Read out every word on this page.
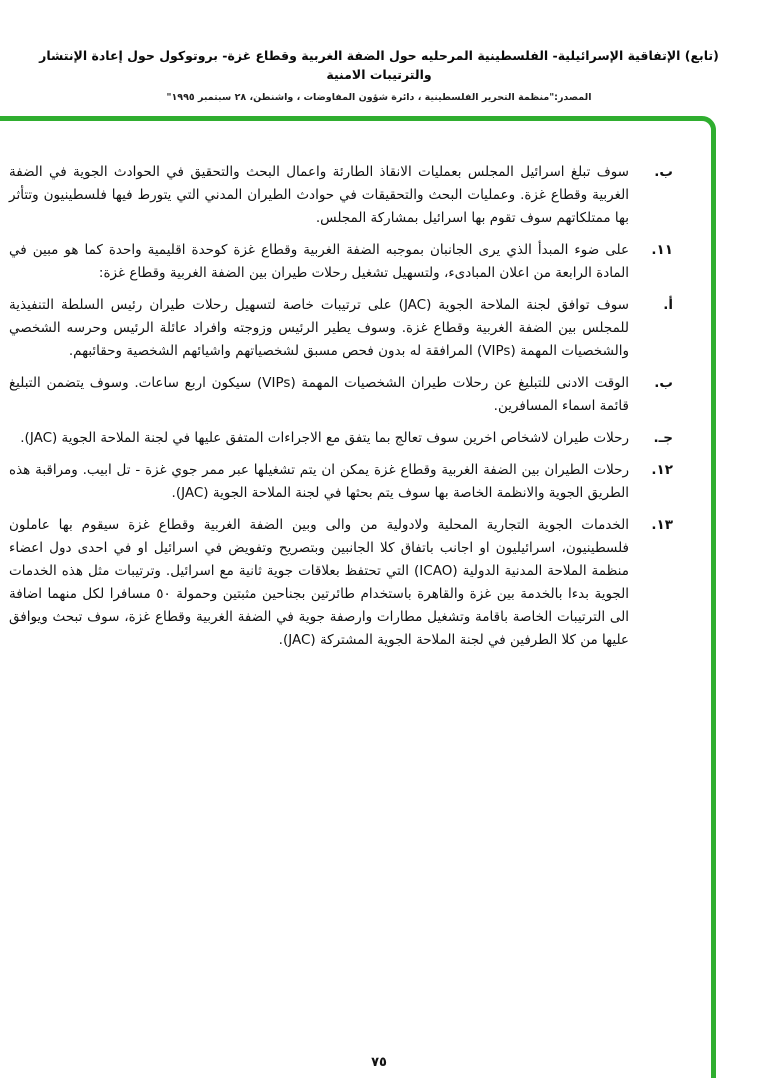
(تابع) الإتفاقية الإسرائيلية- الفلسطينية المرحليه حول الضفة الغربية وقطاع غزة- بروتوكول حول إعادة الإنتشار والترتيبات الامنية
المصدر:"منظمة التحرير الفلسطينية ، دائرة شؤون المفاوضات ، واشنطن، ٢٨ سبتمبر ١٩٩٥"
ب.
سوف تبلغ اسرائيل المجلس بعمليات الانقاذ الطارئة واعمال البحث والتحقيق في الحوادث الجوية في الضفة الغربية وقطاع غزة. وعمليات البحث والتحقيقات في حوادث الطيران المدني التي يتورط فيها فلسطينيون وتتأثر بها ممتلكاتهم سوف تقوم بها اسرائيل بمشاركة المجلس.
١١.
على ضوء المبدأ الذي يرى الجانبان بموجبه الضفة الغربية وقطاع غزة كوحدة اقليمية واحدة كما هو مبين في المادة الرابعة من اعلان المبادىء، ولتسهيل تشغيل رحلات طيران بين الضفة الغربية وقطاع غزة:
أ.
سوف توافق لجنة الملاحة الجوية (JAC) على ترتيبات خاصة لتسهيل رحلات طيران رئيس السلطة التنفيذية للمجلس بين الضفة الغربية وقطاع غزة. وسوف يطير الرئيس وزوجته وافراد عائلة الرئيس وحرسه الشخصي والشخصيات المهمة (VIPs) المرافقة له بدون فحص مسبق لشخصياتهم واشيائهم الشخصية وحقائبهم.
ب.
الوقت الادنى للتبليغ عن رحلات طيران الشخصيات المهمة (VIPs) سيكون اربع ساعات. وسوف يتضمن التبليغ قائمة اسماء المسافرين.
جـ.
رحلات طيران لاشخاص اخرين سوف تعالج بما يتفق مع الاجراءات المتفق عليها في لجنة الملاحة الجوية (JAC).
١٢.
رحلات الطيران بين الضفة الغربية وقطاع غزة يمكن ان يتم تشغيلها عبر ممر جوي غزة - تل ابيب. ومراقبة هذه الطريق الجوية والانظمة الخاصة بها سوف يتم بحثها في لجنة الملاحة الجوية (JAC).
١٣.
الخدمات الجوية التجارية المحلية ولادولية من والى وبين الضفة الغربية وقطاع غزة سيقوم بها عاملون فلسطينيون، اسرائيليون او اجانب باتفاق كلا الجانبين وبتصريح وتفويض في اسرائيل او في احدى دول اعضاء منظمة الملاحة المدنية الدولية (ICAO) التي تحتفظ بعلاقات جوية ثانية مع اسرائيل. وترتيبات مثل هذه الخدمات الجوية بدءا بالخدمة بين غزة والقاهرة باستخدام طائرتين بجناحين مثبتين وحمولة ٥٠ مسافرا لكل منهما اضافة الى الترتيبات الخاصة باقامة وتشغيل مطارات وارصفة جوية في الضفة الغربية وقطاع غزة، سوف تبحث ويوافق عليها من كلا الطرفين في لجنة الملاحة الجوية المشتركة (JAC).
٧٥
